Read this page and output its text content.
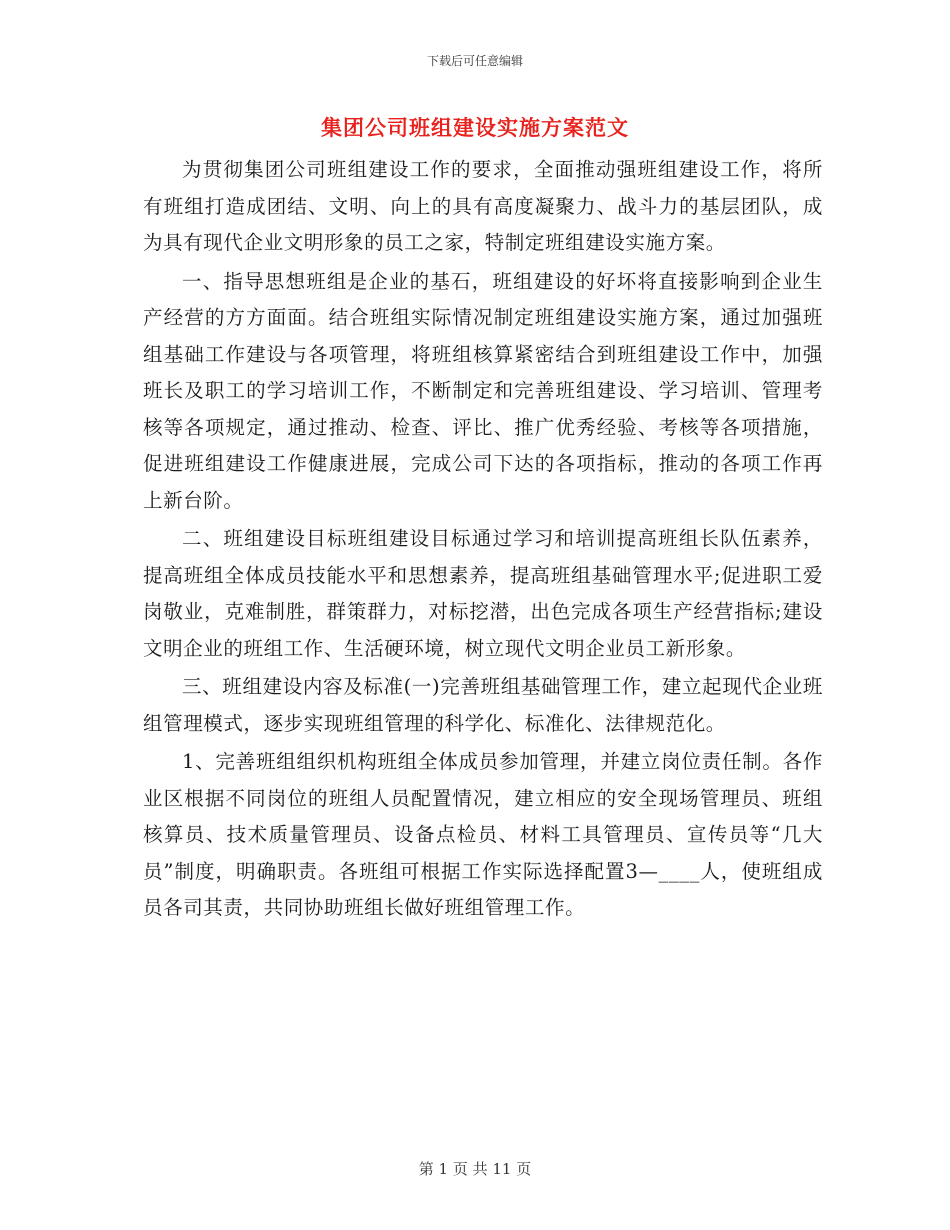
下载后可任意编辑
集团公司班组建设实施方案范文

为贯彻集团公司班组建设工作的要求，全面推动强班组建设工作，将所有班组打造成团结、文明、向上的具有高度凝聚力、战斗力的基层团队，成为具有现代企业文明形象的员工之家，特制定班组建设实施方案。

一、指导思想班组是企业的基石，班组建设的好坏将直接影响到企业生产经营的方方面面。结合班组实际情况制定班组建设实施方案，通过加强班组基础工作建设与各项管理，将班组核算紧密结合到班组建设工作中，加强班长及职工的学习培训工作，不断制定和完善班组建设、学习培训、管理考核等各项规定，通过推动、检查、评比、推广优秀经验、考核等各项措施，促进班组建设工作健康进展，完成公司下达的各项指标，推动的各项工作再上新台阶。

二、班组建设目标班组建设目标通过学习和培训提高班组长队伍素养，提高班组全体成员技能水平和思想素养，提高班组基础管理水平;促进职工爱岗敬业，克难制胜，群策群力，对标挖潜，出色完成各项生产经营指标;建设文明企业的班组工作、生活硬环境，树立现代文明企业员工新形象。

三、班组建设内容及标准(一)完善班组基础管理工作，建立起现代企业班组管理模式，逐步实现班组管理的科学化、标准化、法律规范化。

1、完善班组组织机构班组全体成员参加管理，并建立岗位责任制。各作业区根据不同岗位的班组人员配置情况，建立相应的安全现场管理员、班组核算员、技术质量管理员、设备点检员、材料工具管理员、宣传员等“几大员”制度，明确职责。各班组可根据工作实际选择配置3—____人，使班组成员各司其责，共同协助班组长做好班组管理工作。

第 1 页 共 11 页
